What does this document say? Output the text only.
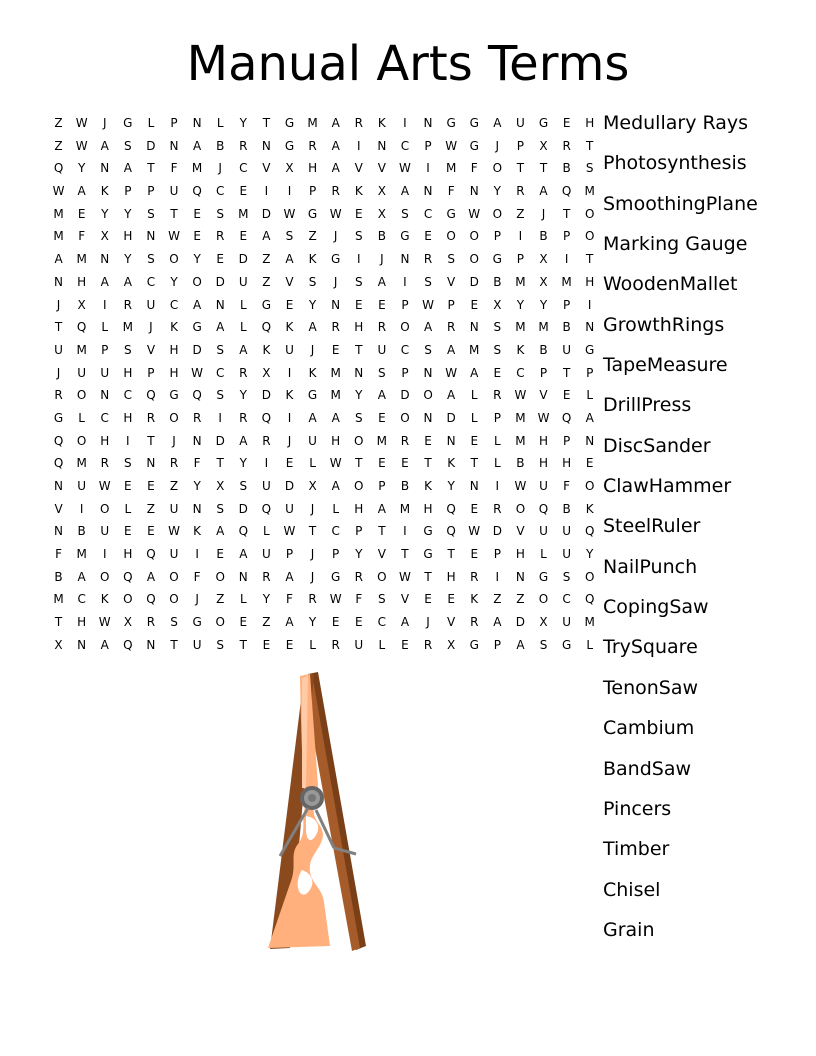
Manual Arts Terms
Z	W	J	G	L	P	N	L	Y	T	G	M	A	R	K	I	N	G	G	A	U	G	E	H
Z	W	A	S	D	N	A	B	R	N	G	R	A	I	N	C	P	W	G	J	P	X	R	T
Q	Y	N	A	T	F	M	J	C	V	X	H	A	V	V	W	I	M	F	O	T	T	B	S
W	A	K	P	P	U	Q	C	E	I	I	P	R	K	X	A	N	F	N	Y	R	A	Q	M
M	E	Y	Y	S	T	E	S	M	D	W	G	W	E	X	S	C	G	W	O	Z	J	T	O
M	F	X	H	N	W	E	R	E	A	S	Z	J	S	B	G	E	O	O	P	I	B	P	O
A	M	N	Y	S	O	Y	E	D	Z	A	K	G	I	J	N	R	S	O	G	P	X	I	T
N	H	A	A	C	Y	O	D	U	Z	V	S	J	S	A	I	S	V	D	B	M	X	M	H
J	X	I	R	U	C	A	N	L	G	E	Y	N	E	E	P	W	P	E	X	Y	Y	P	I
T	Q	L	M	J	K	G	A	L	Q	K	A	R	H	R	O	A	R	N	S	M	M	B	N
U	M	P	S	V	H	D	S	A	K	U	J	E	T	U	C	S	A	M	S	K	B	U	G
J	U	U	H	P	H	W	C	R	X	I	K	M	N	S	P	N	W	A	E	C	P	T	P
R	O	N	C	Q	G	Q	S	Y	D	K	G	M	Y	A	D	O	A	L	R	W	V	E	L
G	L	C	H	R	O	R	I	R	Q	I	A	A	S	E	O	N	D	L	P	M W	Q	A
Q	O	H	I	T	J	N	D	A	R	J	U	H	O	M	R	E	N	E	L	M	H	P	N
Q	M	R	S	N	R	F	T	Y	I	E	L	W	T	E	E	T	K	T	L	B	H	H	E
N	U	W	E	E	Z	Y	X	S	U	D	X	A	O	P	B	K	Y	N	I	W	U	F	O
V	I	O	L	Z	U	N	S	D	Q	U	J	L	H	A	M	H	Q	E	R	O	Q	B	K
N	B	U	E	E	W	K	A	Q	L	W	T	C	P	T	I	G	Q	W	D	V	U	U	Q
F	M	I	H	Q	U	I	E	A	U	P	J	P	Y	V	T	G	T	E	P	H	L	U	Y
B	A	O	Q	A	O	F	O	N	R	A	J	G	R	O	W	T	H	R	I	N	G	S	O
M	C	K	O	Q	O	J	Z	L	Y	F	R	W	F	S	V	E	E	K	Z	Z	O	C	Q
T	H	W	X	R	S	G	O	E	Z	A	Y	E	E	C	A	J	V	R	A	D	X	U	M
X	N	A	Q	N	T	U	S	T	E	E	L	R	U	L	E	R	X	G	P	A	S	G	L
Medullary Rays
Photosynthesis
SmoothingPlane
Marking Gauge
WoodenMallet
GrowthRings
TapeMeasure
DrillPress
DiscSander
ClawHammer
SteelRuler
NailPunch
CopingSaw
TrySquare
TenonSaw
Cambium
BandSaw
Pincers
Timber
Chisel
Grain
